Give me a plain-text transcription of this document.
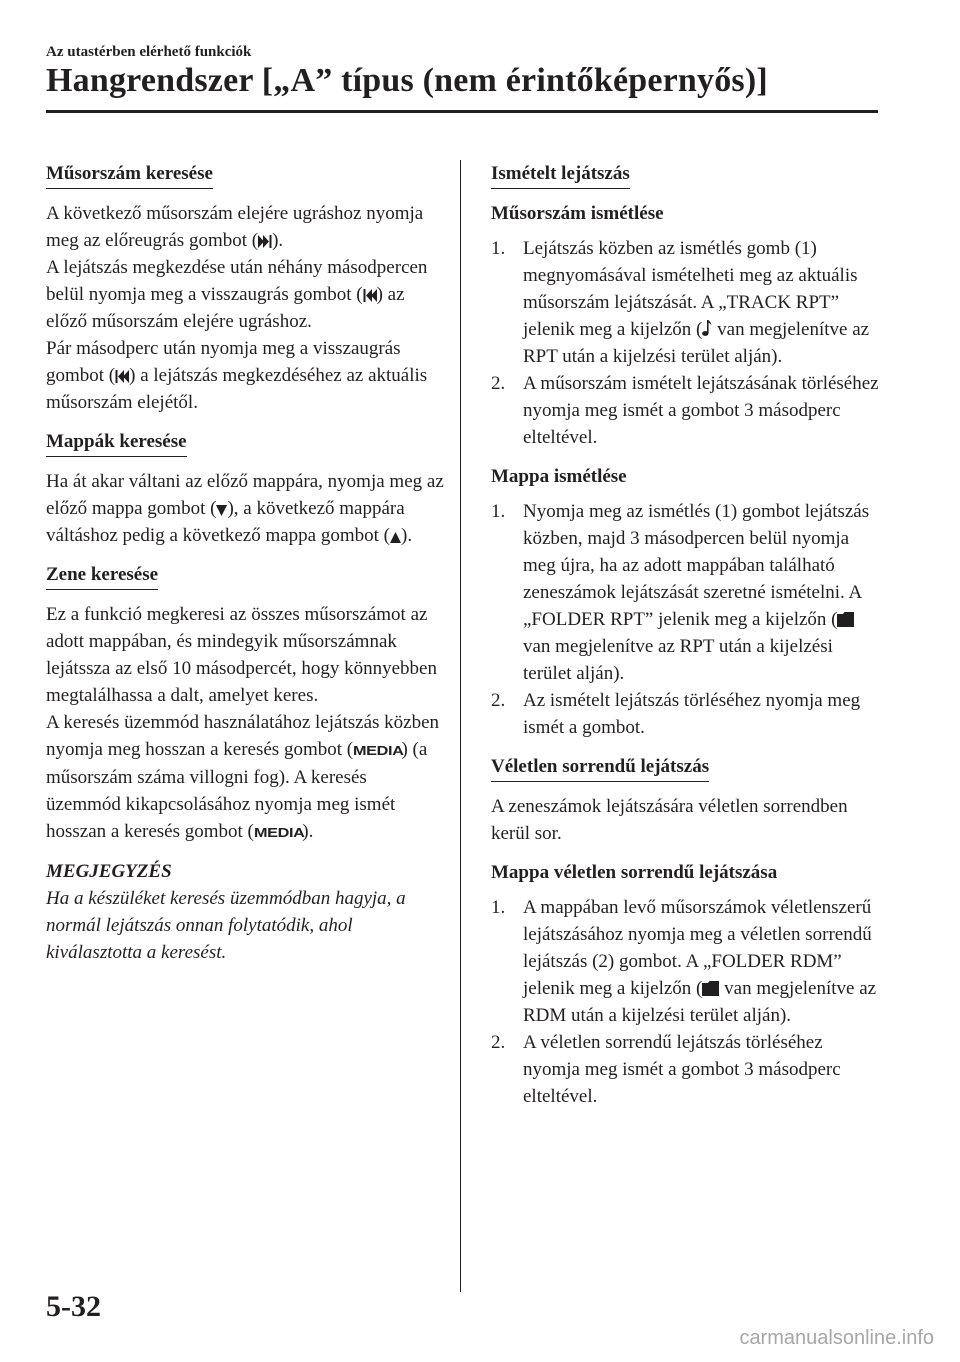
Az utastérben elérhető funkciók
Hangrendszer [„A” típus (nem érintőképernyős)]
Műsorszám keresése

A következő műsorszám elejére ugráshoz nyomja meg az előreugrás gombot ( ).
A lejátszás megkezdése után néhány másodpercen belül nyomja meg a visszaugrás gombot ( ) az előző műsorszám elejére ugráshoz.
Pár másodperc után nyomja meg a visszaugrás gombot ( ) a lejátszás megkezdéséhez az aktuális műsorszám elejétől.

Mappák keresése

Ha át akar váltani az előző mappára, nyomja meg az előző mappa gombot ( ), a következő mappára váltáshoz pedig a következő mappa gombot ( ).

Zene keresése

Ez a funkció megkeresi az összes műsorszámot az adott mappában, és mindegyik műsorszámnak lejátssza az első 10 másodpercét, hogy könnyebben megtalálhassa a dalt, amelyet keres.
A keresés üzemmód használatához lejátszás közben nyomja meg hosszan a keresés gombot (MEDIA) (a műsorszám száma villogni fog). A keresés üzemmód kikapcsolásához nyomja meg ismét hosszan a keresés gombot (MEDIA).

MEGJEGYZÉS

Ha a készüléket keresés üzemmódban hagyja, a normál lejátszás onnan folytatódik, ahol kiválasztotta a keresést.

Ismételt lejátszás
Műsorszám ismétlése
1. Lejátszás közben az ismétlés gomb (1) megnyomásával ismételheti meg az aktuális műsorszám lejátszását. A „TRACK RPT” jelenik meg a kijelzőn ( van megjelenítve az RPT után a kijelzési terület alján).
2. A műsorszám ismételt lejátszásának törléséhez nyomja meg ismét a gombot 3 másodperc elteltével.
Mappa ismétlése
1. Nyomja meg az ismétlés (1) gombot lejátszás közben, majd 3 másodpercen belül nyomja meg újra, ha az adott mappában található zeneszámok lejátszását szeretné ismételni. A „FOLDER RPT” jelenik meg a kijelzőn ( van megjelenítve az RPT után a kijelzési terület alján).
2. Az ismételt lejátszás törléséhez nyomja meg ismét a gombot.
Véletlen sorrendű lejátszás

A zeneszámok lejátszására véletlen sorrendben kerül sor.

Mappa véletlen sorrendű lejátszása
1. A mappában levő műsorszámok véletlenszerű lejátszásához nyomja meg a véletlen sorrendű lejátszás (2) gombot. A „FOLDER RDM” jelenik meg a kijelzőn ( van megjelenítve az RDM után a kijelzési terület alján).
2. A véletlen sorrendű lejátszás törléséhez nyomja meg ismét a gombot 3 másodperc elteltével.
5-32
carmanualsonline.info
